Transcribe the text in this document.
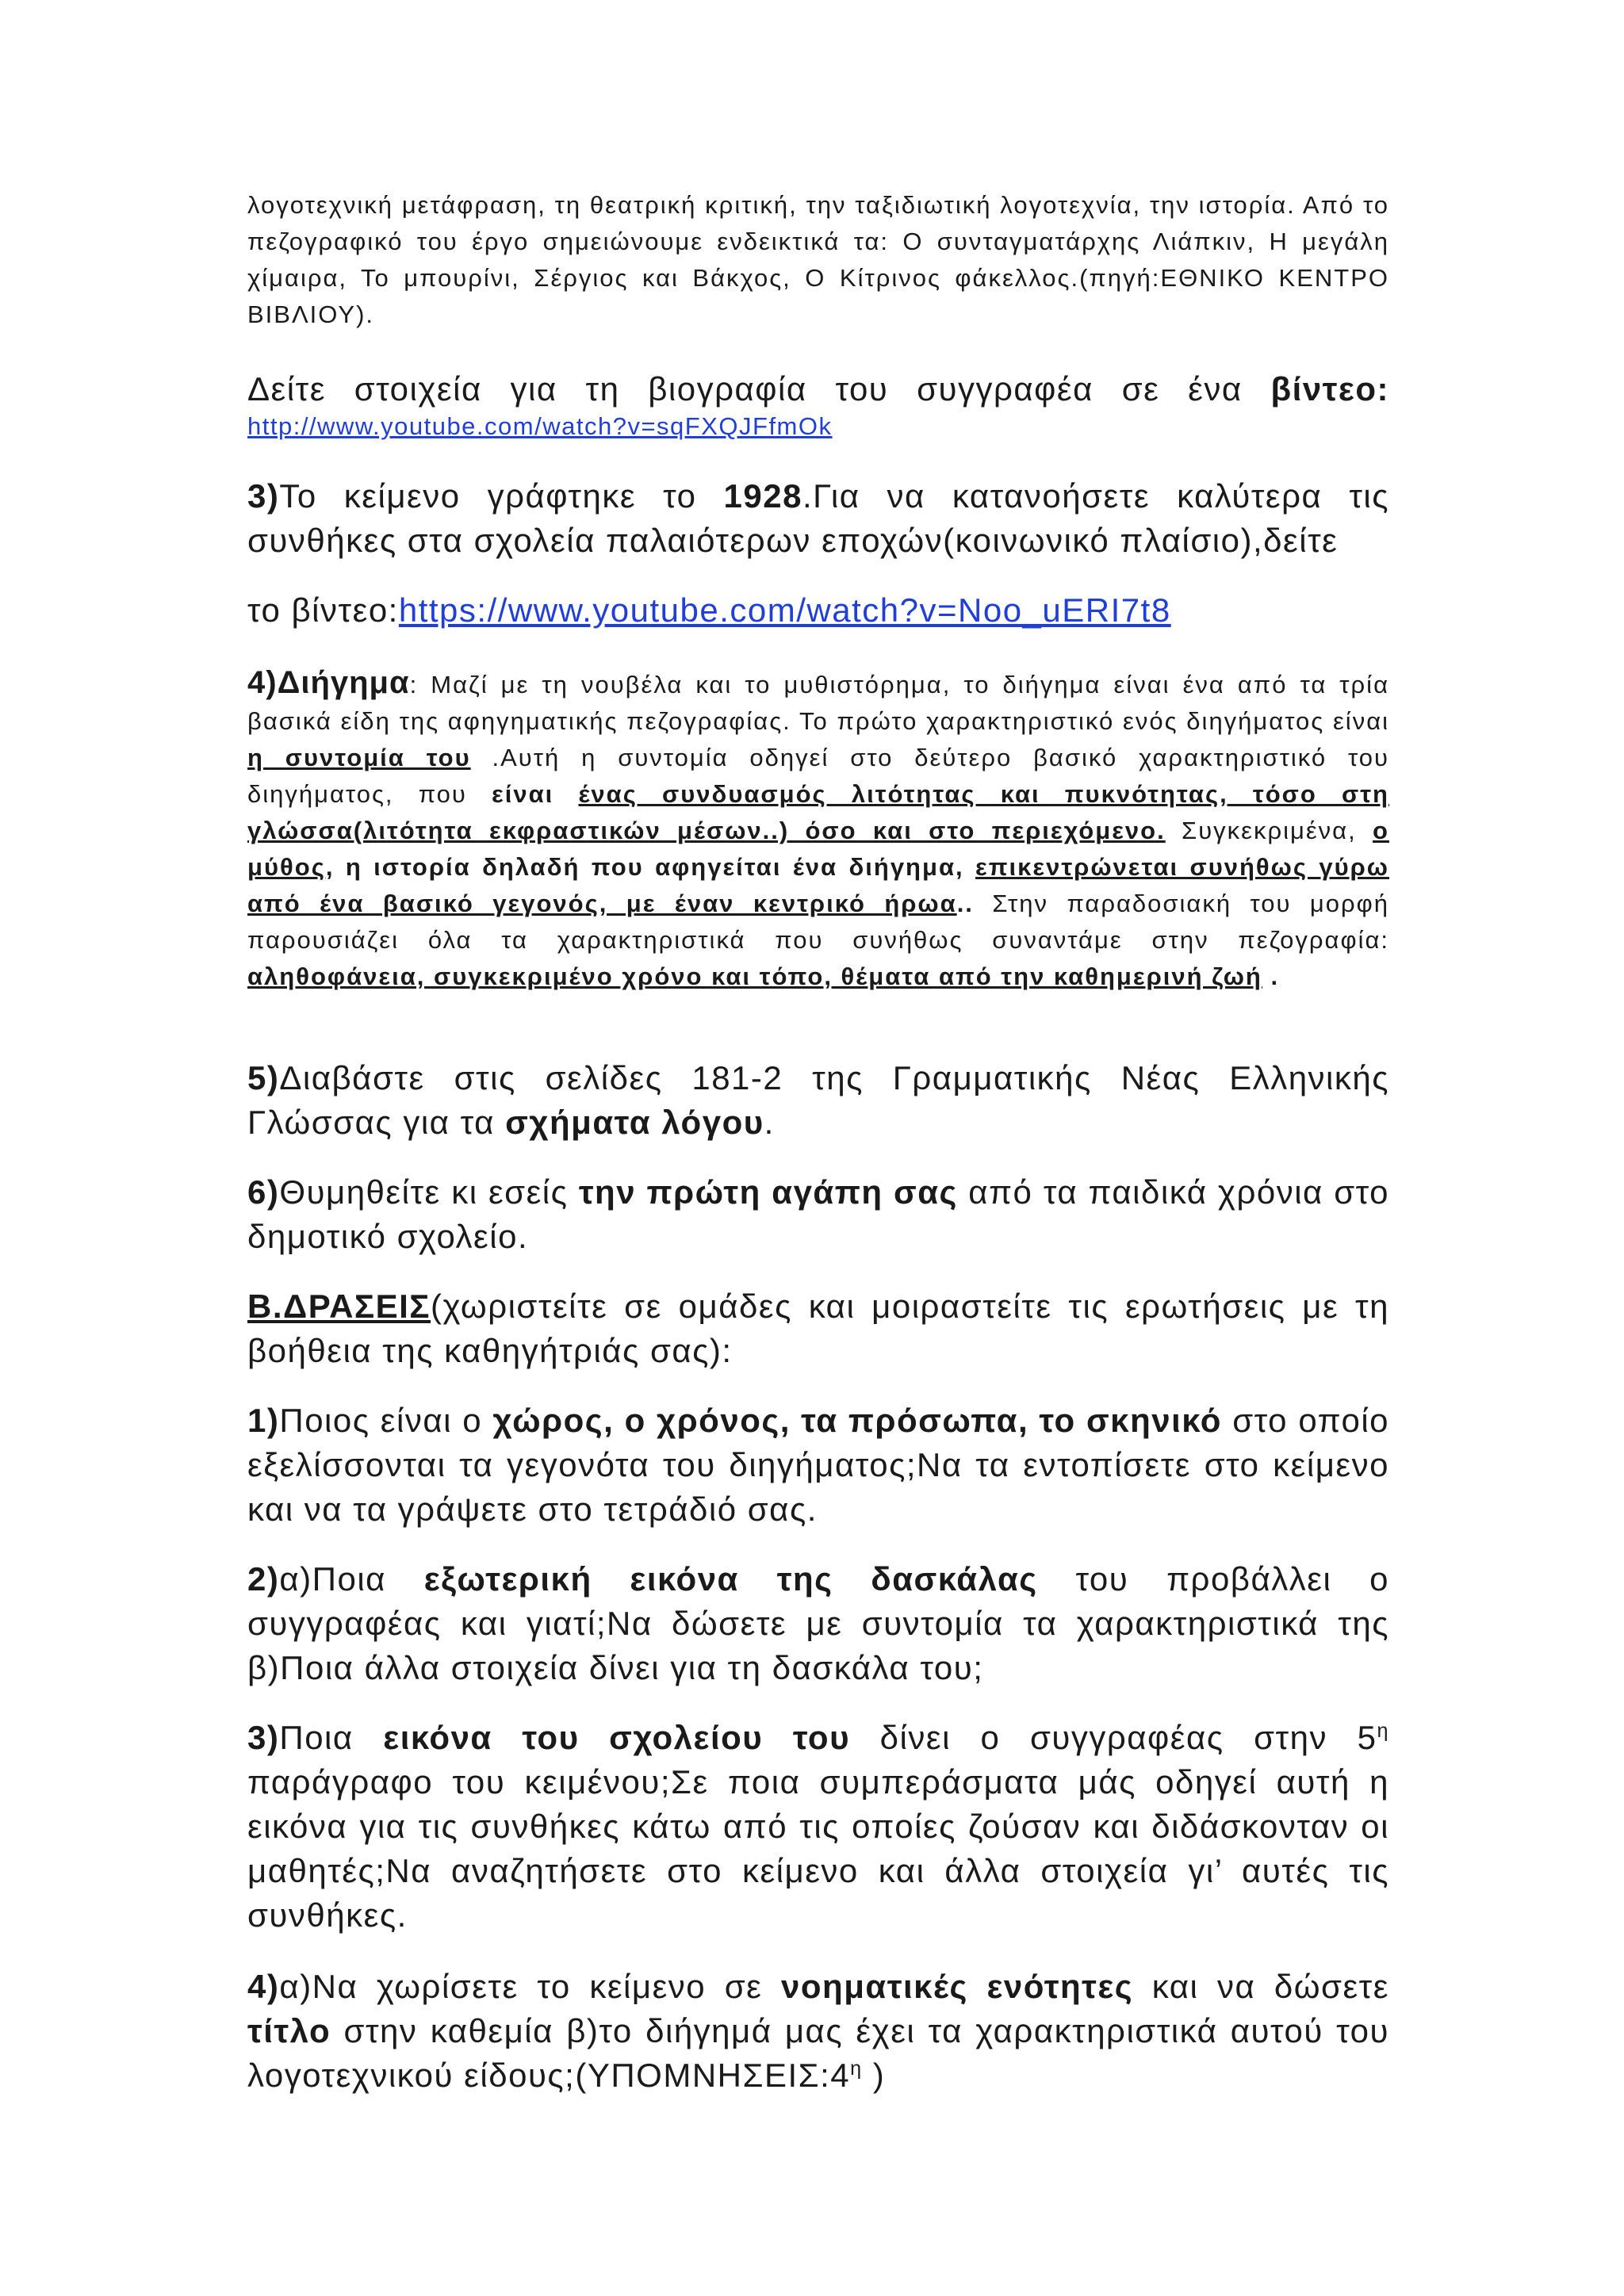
λογοτεχνική μετάφραση, τη θεατρική κριτική, την ταξιδιωτική λογοτεχνία, την ιστορία. Από το πεζογραφικό του έργο σημειώνουμε ενδεικτικά τα: Ο συνταγματάρχης Λιάπκιν, Η μεγάλη χίμαιρα, Το μπουρίνι, Σέργιος και Βάκχος, Ο Κίτρινος φάκελλος.(πηγή:ΕΘΝΙΚΟ ΚΕΝΤΡΟ ΒΙΒΛΙΟΥ).

Δείτε στοιχεία για τη βιογραφία του συγγραφέα σε ένα βίντεο:

http://www.youtube.com/watch?v=sqFXQJFfmOk

3)Το κείμενο γράφτηκε το 1928.Για να κατανοήσετε καλύτερα τις συνθήκες στα σχολεία παλαιότερων εποχών(κοινωνικό πλαίσιο),δείτε

το βίντεο:https://www.youtube.com/watch?v=Noo_uERI7t8

4)Διήγημα: Μαζί με τη νουβέλα και το μυθιστόρημα, το διήγημα είναι ένα από τα τρία βασικά είδη της αφηγηματικής πεζογραφίας. Το πρώτο χαρακτηριστικό ενός διηγήματος είναι η συντομία του .Αυτή η συντομία οδηγεί στο δεύτερο βασικό χαρακτηριστικό του διηγήματος, που είναι ένας συνδυασμός λιτότητας και πυκνότητας, τόσο στη γλώσσα(λιτότητα εκφραστικών μέσων..) όσο και στο περιεχόμενο. Συγκεκριμένα, ο μύθος, η ιστορία δηλαδή που αφηγείται ένα διήγημα, επικεντρώνεται συνήθως γύρω από ένα βασικό γεγονός, με έναν κεντρικό ήρωα.. Στην παραδοσιακή του μορφή παρουσιάζει όλα τα χαρακτηριστικά που συνήθως συναντάμε στην πεζογραφία: αληθοφάνεια, συγκεκριμένο χρόνο και τόπο, θέματα από την καθημερινή ζωή .

5)Διαβάστε στις σελίδες 181-2 της Γραμματικής Νέας Ελληνικής Γλώσσας για τα σχήματα λόγου.

6)Θυμηθείτε κι εσείς την πρώτη αγάπη σας από τα παιδικά χρόνια στο δημοτικό σχολείο.

Β.ΔΡΑΣΕΙΣ(χωριστείτε σε ομάδες και μοιραστείτε τις ερωτήσεις με τη βοήθεια της καθηγήτριάς σας):

1)Ποιος είναι ο χώρος, ο χρόνος, τα πρόσωπα, το σκηνικό στο οποίο εξελίσσονται τα γεγονότα του διηγήματος;Να τα εντοπίσετε στο κείμενο και να τα γράψετε στο τετράδιό σας.

2)α)Ποια εξωτερική εικόνα της δασκάλας του προβάλλει ο συγγραφέας και γιατί;Να δώσετε με συντομία τα χαρακτηριστικά της β)Ποια άλλα στοιχεία δίνει για τη δασκάλα του;

3)Ποια εικόνα του σχολείου του δίνει ο συγγραφέας στην $5^\eta$ παράγραφο του κειμένου;Σε ποια συμπεράσματα μάς οδηγεί αυτή η εικόνα για τις συνθήκες κάτω από τις οποίες ζούσαν και διδάσκονταν οι μαθητές;Να αναζητήσετε στο κείμενο και άλλα στοιχεία γι’ αυτές τις συνθήκες.

4)α)Να χωρίσετε το κείμενο σε νοηματικές ενότητες και να δώσετε τίτλο στην καθεμία β)το διήγημά μας έχει τα χαρακτηριστικά αυτού του λογοτεχνικού $\varepsilon ί\delta o\upsilon\varsigma;(\Upsilon\Pi OMNH\Sigma EI\Sigma:4^\eta$ )
